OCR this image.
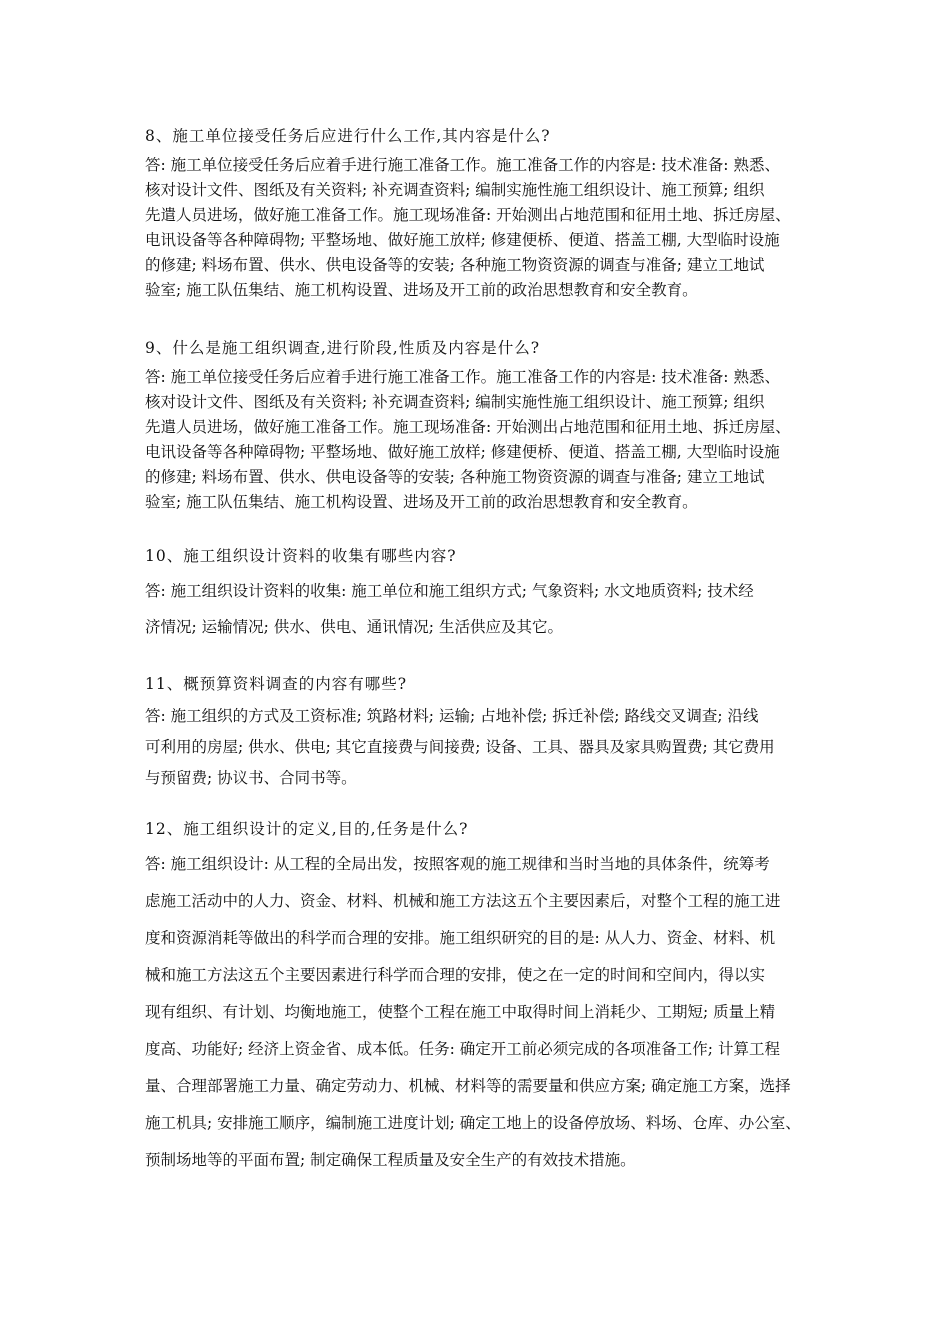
8、施工单位接受任务后应进行什么工作,其内容是什么?

答: 施工单位接受任务后应着手进行施工准备工作。施工准备工作的内容是: 技术准备: 熟悉、
核对设计文件、图纸及有关资料; 补充调查资料; 编制实施性施工组织设计、施工预算; 组织
先遣人员进场，做好施工准备工作。施工现场准备: 开始测出占地范围和征用土地、拆迁房屋、
电讯设备等各种障碍物; 平整场地、做好施工放样; 修建便桥、便道、搭盖工棚, 大型临时设施
的修建; 料场布置、供水、供电设备等的安装; 各种施工物资资源的调查与准备; 建立工地试
验室; 施工队伍集结、施工机构设置、进场及开工前的政治思想教育和安全教育。

9、什么是施工组织调查,进行阶段,性质及内容是什么?

答: 施工单位接受任务后应着手进行施工准备工作。施工准备工作的内容是: 技术准备: 熟悉、
核对设计文件、图纸及有关资料; 补充调查资料; 编制实施性施工组织设计、施工预算; 组织
先遣人员进场，做好施工准备工作。施工现场准备: 开始测出占地范围和征用土地、拆迁房屋、
电讯设备等各种障碍物; 平整场地、做好施工放样; 修建便桥、便道、搭盖工棚, 大型临时设施
的修建; 料场布置、供水、供电设备等的安装; 各种施工物资资源的调查与准备; 建立工地试
验室; 施工队伍集结、施工机构设置、进场及开工前的政治思想教育和安全教育。

10、施工组织设计资料的收集有哪些内容?

答: 施工组织设计资料的收集: 施工单位和施工组织方式; 气象资料; 水文地质资料; 技术经
济情况; 运输情况; 供水、供电、通讯情况; 生活供应及其它。

11、概预算资料调查的内容有哪些?

答: 施工组织的方式及工资标准; 筑路材料; 运输; 占地补偿; 拆迁补偿; 路线交叉调查; 沿线
可利用的房屋; 供水、供电; 其它直接费与间接费; 设备、工具、器具及家具购置费; 其它费用
与预留费; 协议书、合同书等。

12、施工组织设计的定义,目的,任务是什么?

答: 施工组织设计: 从工程的全局出发，按照客观的施工规律和当时当地的具体条件，统筹考
虑施工活动中的人力、资金、材料、机械和施工方法这五个主要因素后，对整个工程的施工进
度和资源消耗等做出的科学而合理的安排。施工组织研究的目的是: 从人力、资金、材料、机
械和施工方法这五个主要因素进行科学而合理的安排，使之在一定的时间和空间内，得以实
现有组织、有计划、均衡地施工，使整个工程在施工中取得时间上消耗少、工期短; 质量上精
度高、功能好; 经济上资金省、成本低。任务: 确定开工前必须完成的各项准备工作; 计算工程
量、合理部署施工力量、确定劳动力、机械、材料等的需要量和供应方案; 确定施工方案，选择
施工机具; 安排施工顺序，编制施工进度计划; 确定工地上的设备停放场、料场、仓库、办公室、
预制场地等的平面布置; 制定确保工程质量及安全生产的有效技术措施。
